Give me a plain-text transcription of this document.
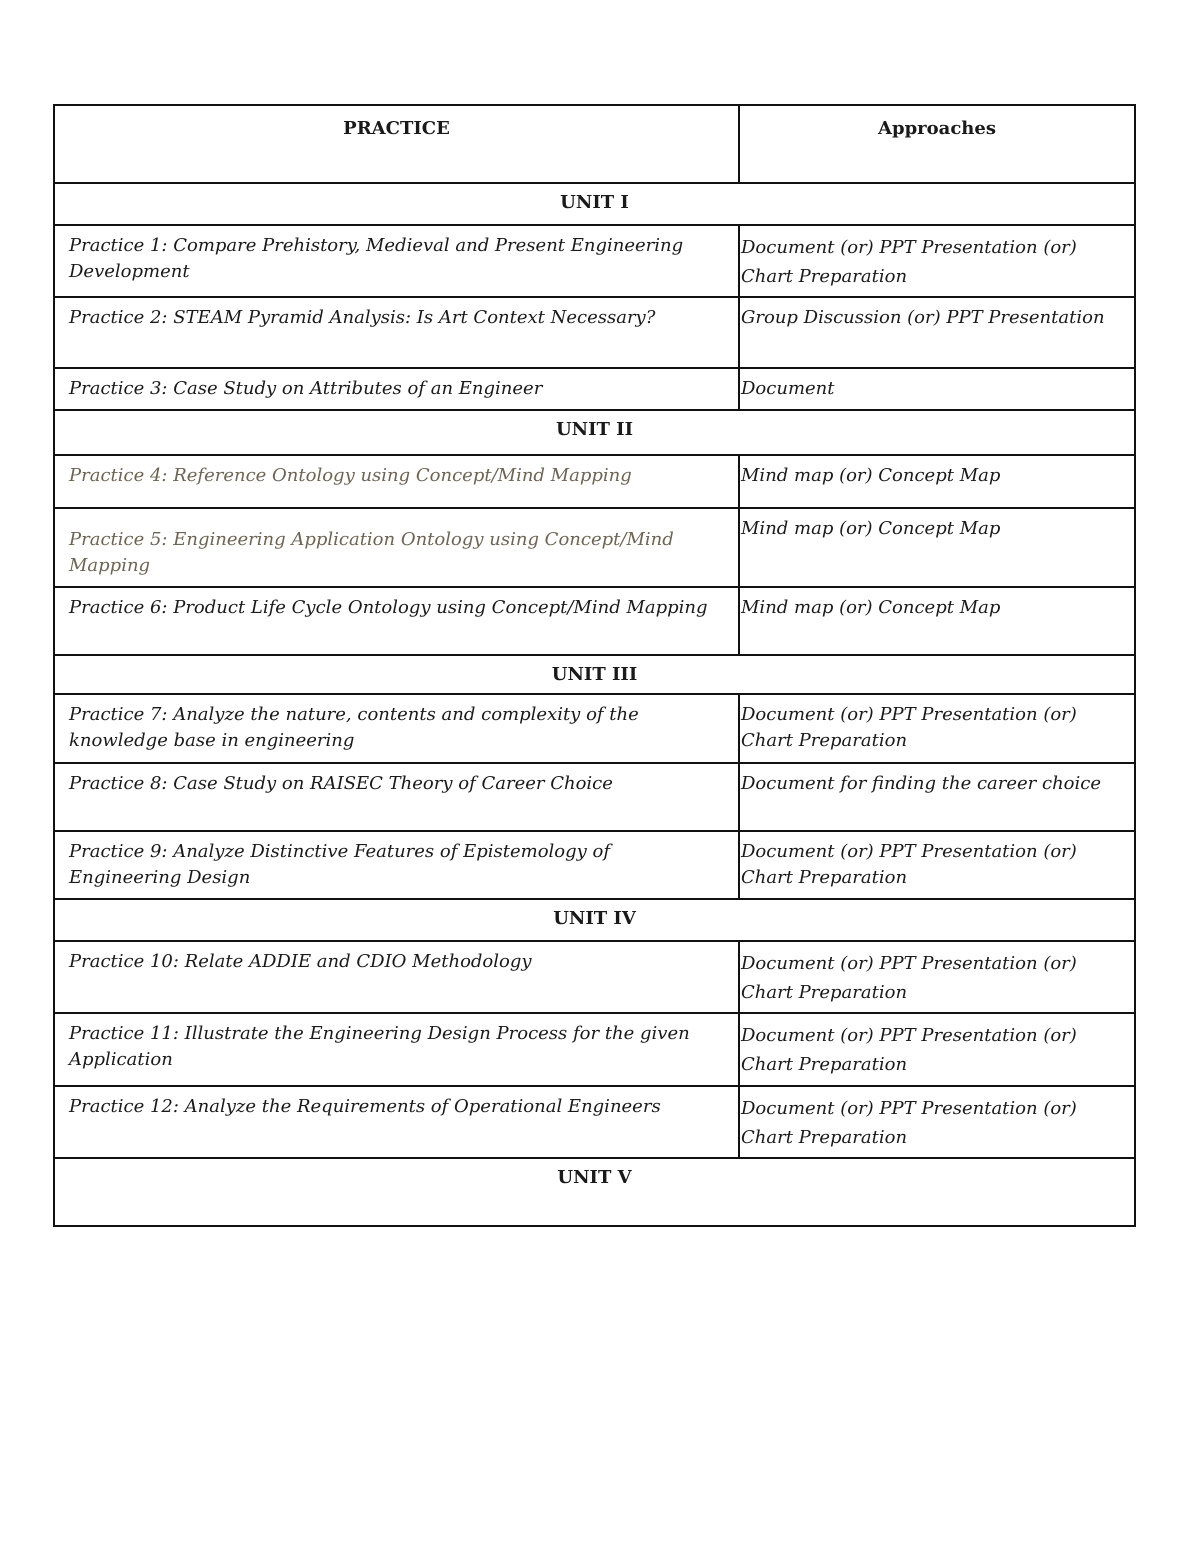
PRACTICE	Approaches
UNIT I	
Practice 1: Compare Prehistory, Medieval and Present Engineering Development	Document (or) PPT Presentation (or) Chart Preparation
Practice 2: STEAM Pyramid Analysis: Is Art Context Necessary?	Group Discussion (or) PPT Presentation
Practice 3: Case Study on Attributes of an Engineer	Document
UNIT II	
Practice 4: Reference Ontology using Concept/Mind Mapping	Mind map (or) Concept Map
Practice 5: Engineering Application Ontology using Concept/Mind Mapping	Mind map (or) Concept Map
Practice 6: Product Life Cycle Ontology using Concept/Mind Mapping	Mind map (or) Concept Map
UNIT III	
Practice 7: Analyze the nature, contents and complexity of the knowledge base in engineering	Document (or) PPT Presentation (or) Chart Preparation
Practice 8: Case Study on RAISEC Theory of Career Choice	Document for finding the career choice
Practice 9: Analyze Distinctive Features of Epistemology of Engineering Design	Document (or) PPT Presentation (or) Chart Preparation
UNIT IV	
Practice 10: Relate ADDIE and CDIO Methodology	Document (or) PPT Presentation (or) Chart Preparation
Practice 11: Illustrate the Engineering Design Process for the given Application	Document (or) PPT Presentation (or) Chart Preparation
Practice 12: Analyze the Requirements of Operational Engineers	Document (or) PPT Presentation (or) Chart Preparation
UNIT V	
